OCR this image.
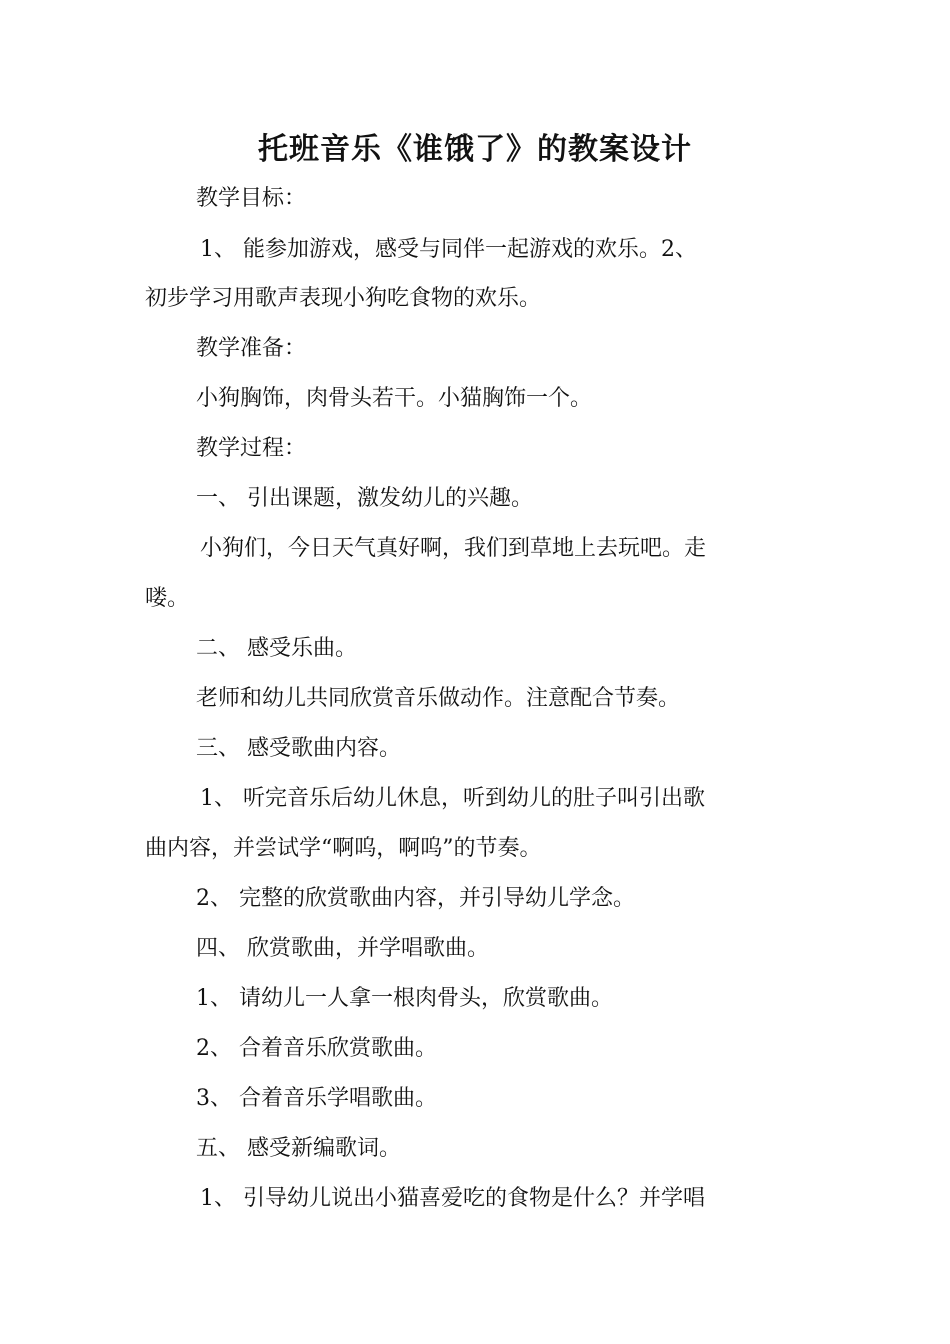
托班音乐《谁饿了》的教案设计

教学目标：

1、 能参加游戏，感受与同伴一起游戏的欢乐。2、

初步学习用歌声表现小狗吃食物的欢乐。

教学准备：

小狗胸饰，肉骨头若干。小猫胸饰一个。

教学过程：

一、 引出课题，激发幼儿的兴趣。

小狗们，今日天气真好啊，我们到草地上去玩吧。走

喽。

二、 感受乐曲。

老师和幼儿共同欣赏音乐做动作。注意配合节奏。

三、 感受歌曲内容。

1、 听完音乐后幼儿休息，听到幼儿的肚子叫引出歌

曲内容，并尝试学“啊呜，啊呜”的节奏。

2、 完整的欣赏歌曲内容，并引导幼儿学念。

四、 欣赏歌曲，并学唱歌曲。

1、 请幼儿一人拿一根肉骨头，欣赏歌曲。

2、 合着音乐欣赏歌曲。

3、 合着音乐学唱歌曲。

五、 感受新编歌词。

1、 引导幼儿说出小猫喜爱吃的食物是什么？并学唱
